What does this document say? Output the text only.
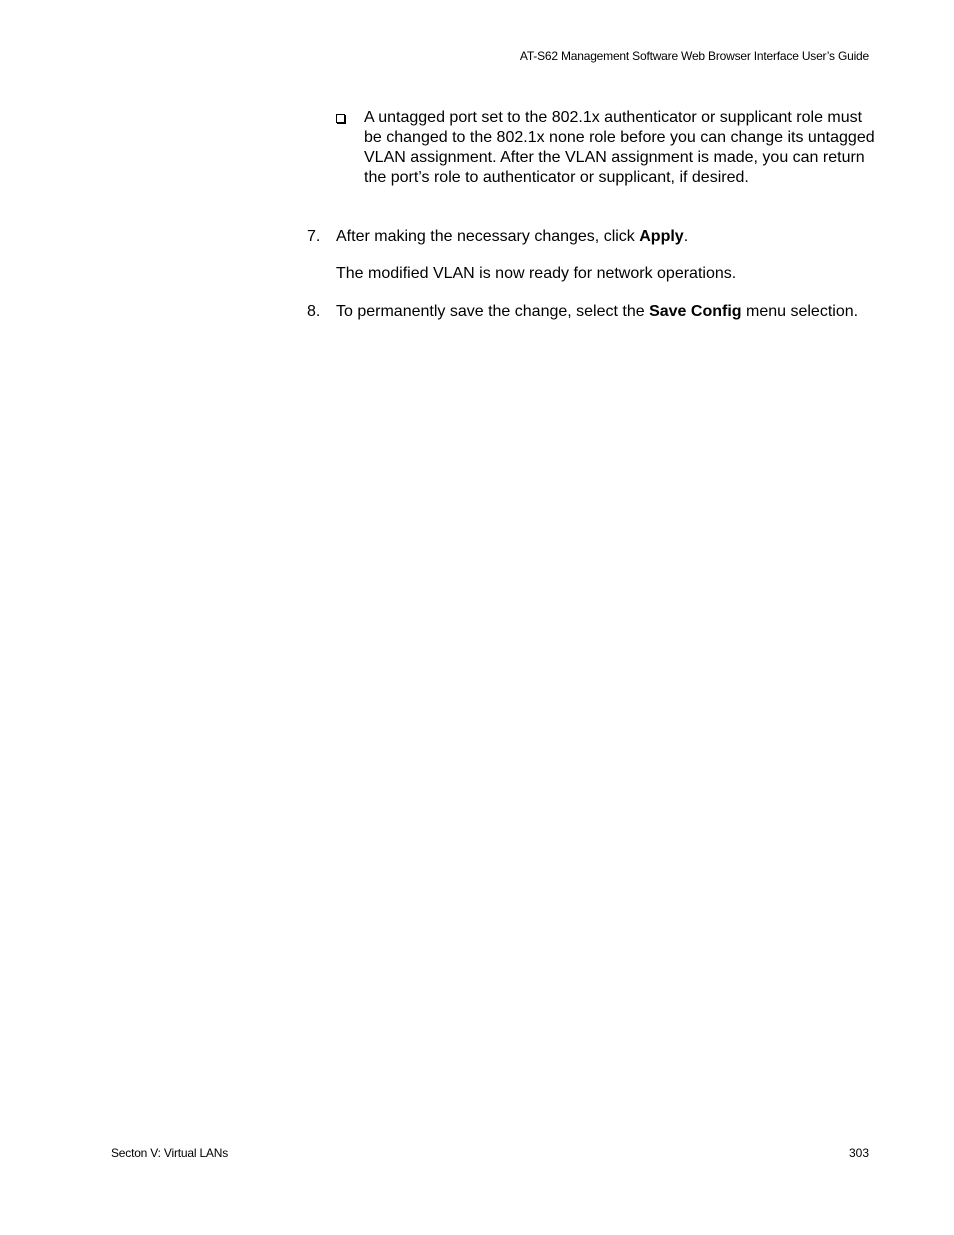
AT-S62 Management Software Web Browser Interface User’s Guide
A untagged port set to the 802.1x authenticator or supplicant role must be changed to the 802.1x none role before you can change its untagged VLAN assignment. After the VLAN assignment is made, you can return the port’s role to authenticator or supplicant, if desired.
7. After making the necessary changes, click Apply.
The modified VLAN is now ready for network operations.
8. To permanently save the change, select the Save Config menu selection.
Secton V: Virtual LANs	303
